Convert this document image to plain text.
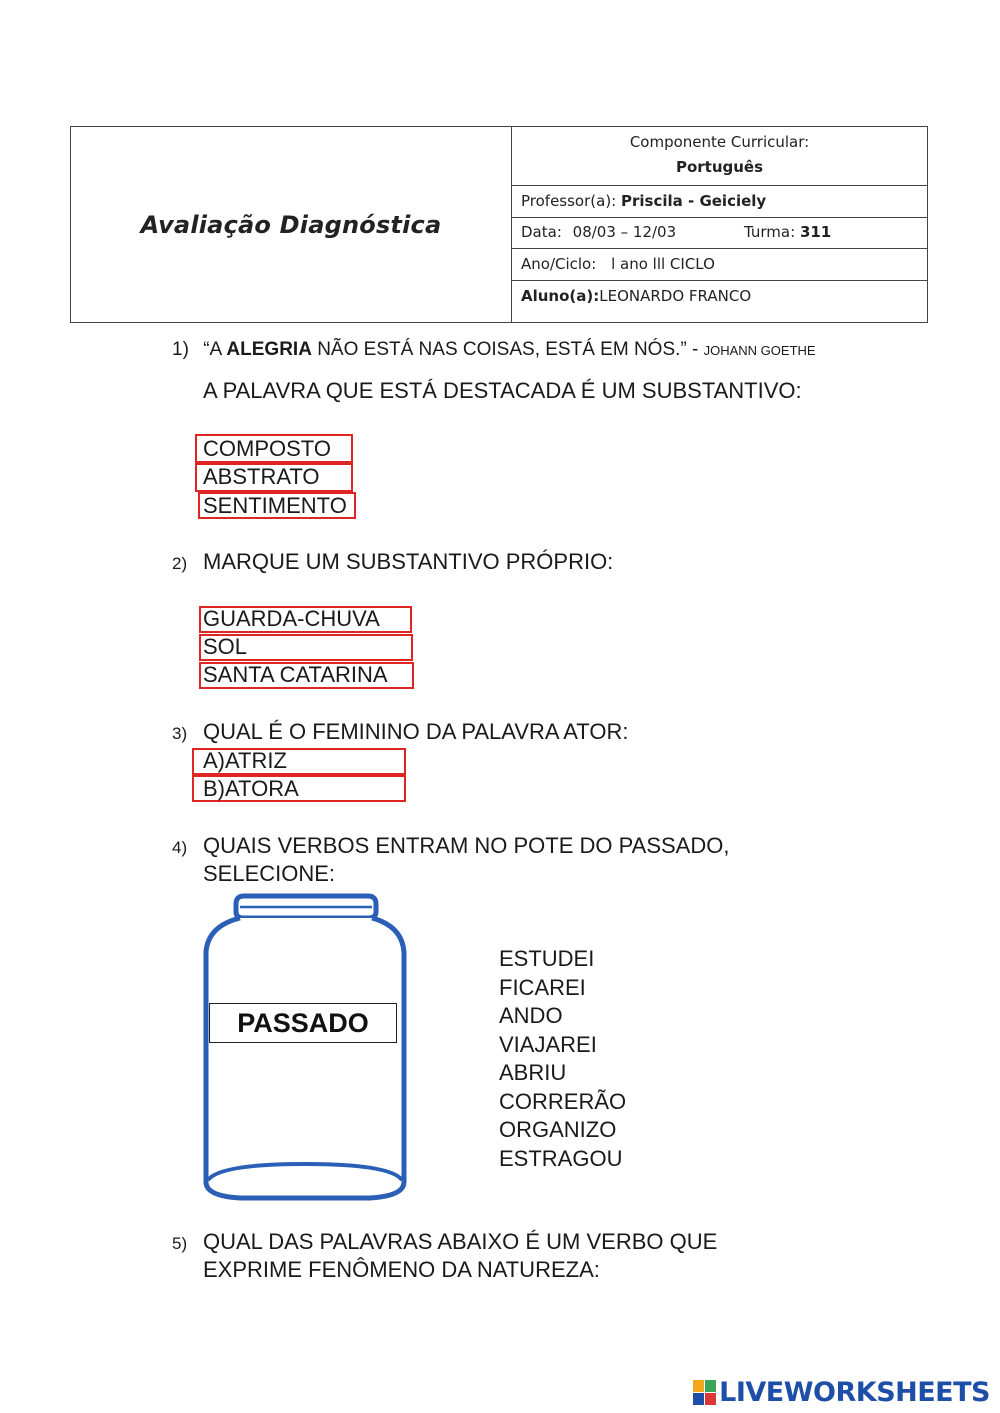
Avaliação Diagnóstica
Componente Curricular:
Português
Professor(a): Priscila - Geiciely
Data: 08/03 – 12/03	Turma: 311
Ano/Ciclo: l ano lll CICLO
Aluno(a):LEONARDO FRANCO
1) “A ALEGRIA NÃO ESTÁ NAS COISAS, ESTÁ EM NÓS.” - JOHANN GOETHE
A PALAVRA QUE ESTÁ DESTACADA É UM SUBSTANTIVO:
COMPOSTO
ABSTRATO
SENTIMENTO
2) MARQUE UM SUBSTANTIVO PRÓPRIO:
GUARDA-CHUVA
SOL
SANTA CATARINA
3) QUAL É O FEMININO DA PALAVRA ATOR:
A)ATRIZ
B)ATORA
4) QUAIS VERBOS ENTRAM NO POTE DO PASSADO,
SELECIONE:
PASSADO
ESTUDEI
FICAREI
ANDO
VIAJAREI
ABRIU
CORRERÃO
ORGANIZO
ESTRAGOU
5) QUAL DAS PALAVRAS ABAIXO É UM VERBO QUE
EXPRIME FENÔMENO DA NATUREZA:
LIVEWORKSHEETS
